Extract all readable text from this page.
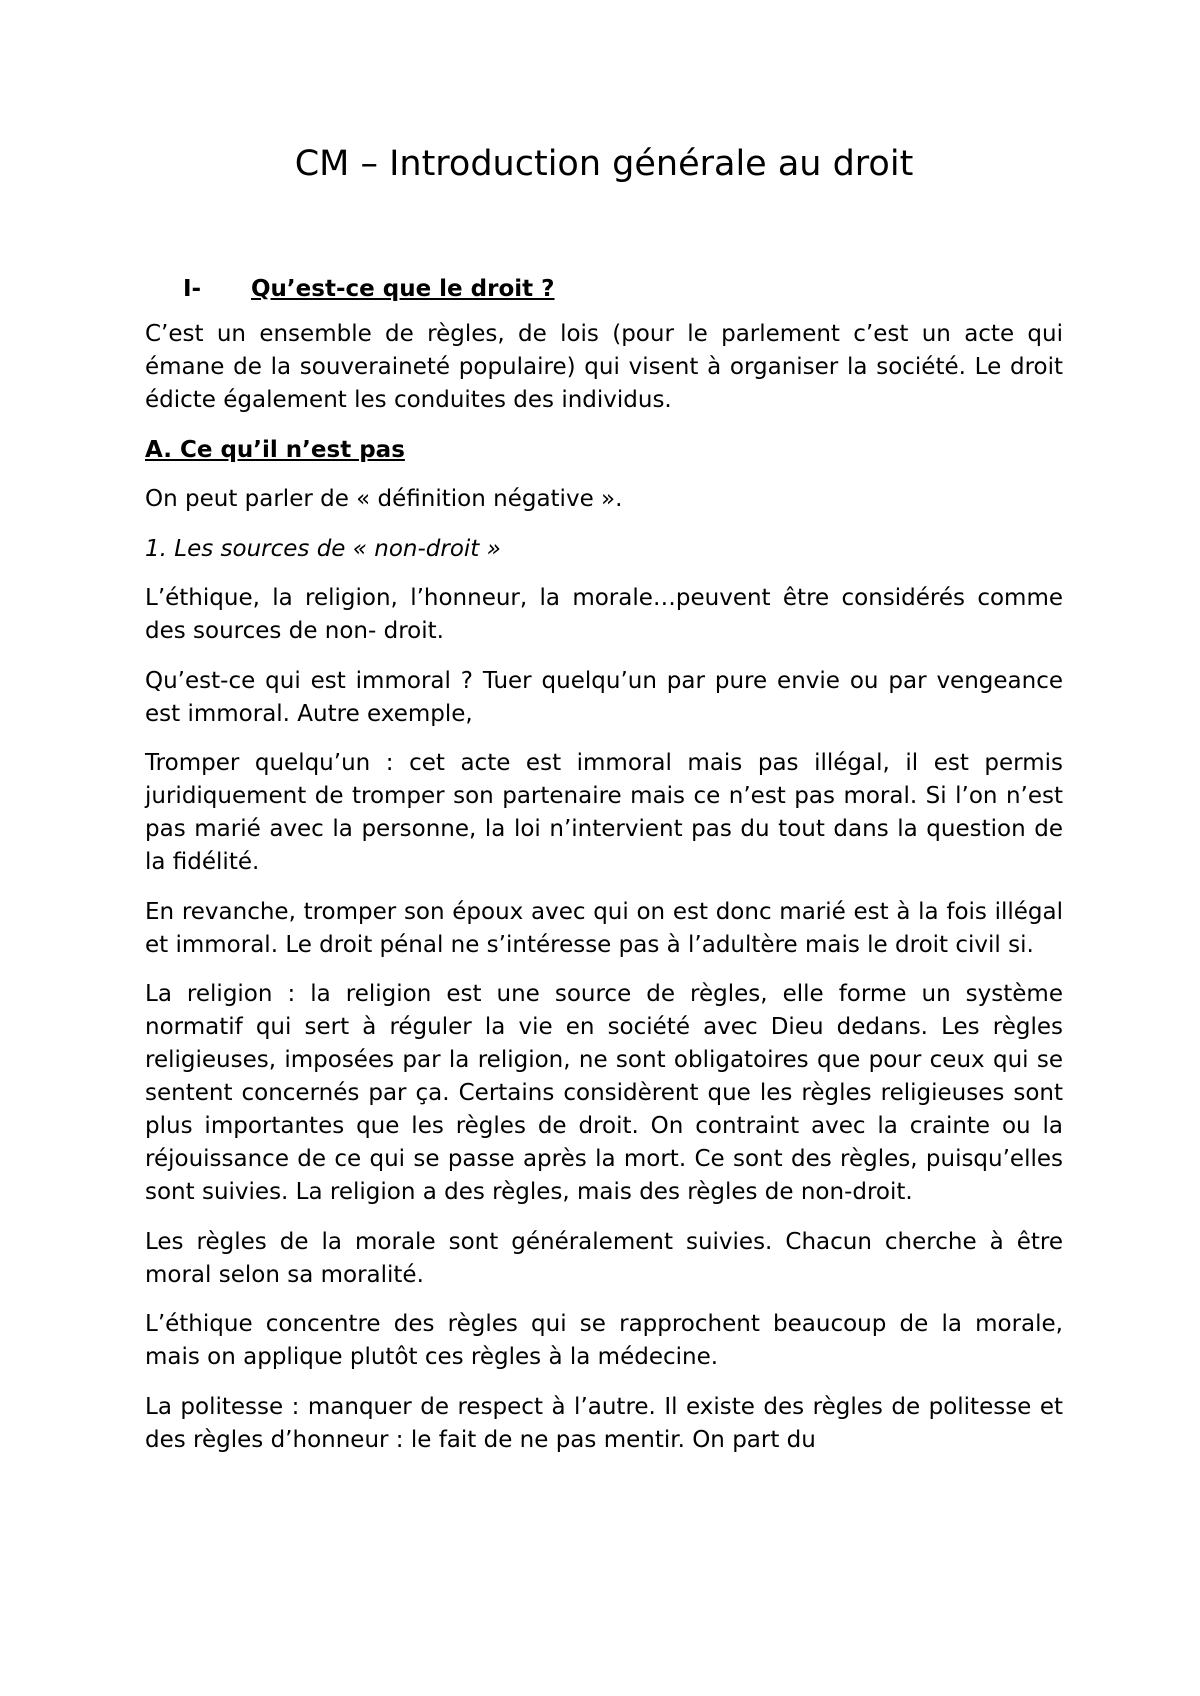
CM – Introduction générale au droit
I- Qu’est-ce que le droit ?

C’est un ensemble de règles, de lois (pour le parlement c’est un acte qui émane de la souveraineté populaire) qui visent à organiser la société. Le droit édicte également les conduites des individus.

A. Ce qu’il n’est pas

On peut parler de « définition négative ».

1. Les sources de « non-droit »

L’éthique, la religion, l’honneur, la morale…peuvent être considérés comme des sources de non- droit.

Qu’est-ce qui est immoral ? Tuer quelqu’un par pure envie ou par vengeance est immoral. Autre exemple,

Tromper quelqu’un : cet acte est immoral mais pas illégal, il est permis juridiquement de tromper son partenaire mais ce n’est pas moral. Si l’on n’est pas marié avec la personne, la loi n’intervient pas du tout dans la question de la fidélité.

En revanche, tromper son époux avec qui on est donc marié est à la fois illégal et immoral. Le droit pénal ne s’intéresse pas à l’adultère mais le droit civil si.

La religion : la religion est une source de règles, elle forme un système normatif qui sert à réguler la vie en société avec Dieu dedans. Les règles religieuses, imposées par la religion, ne sont obligatoires que pour ceux qui se sentent concernés par ça. Certains considèrent que les règles religieuses sont plus importantes que les règles de droit. On contraint avec la crainte ou la réjouissance de ce qui se passe après la mort. Ce sont des règles, puisqu’elles sont suivies. La religion a des règles, mais des règles de non-droit.

Les règles de la morale sont généralement suivies. Chacun cherche à être moral selon sa moralité.

L’éthique concentre des règles qui se rapprochent beaucoup de la morale, mais on applique plutôt ces règles à la médecine.

La politesse : manquer de respect à l’autre. Il existe des règles de politesse et des règles d’honneur : le fait de ne pas mentir. On part du
